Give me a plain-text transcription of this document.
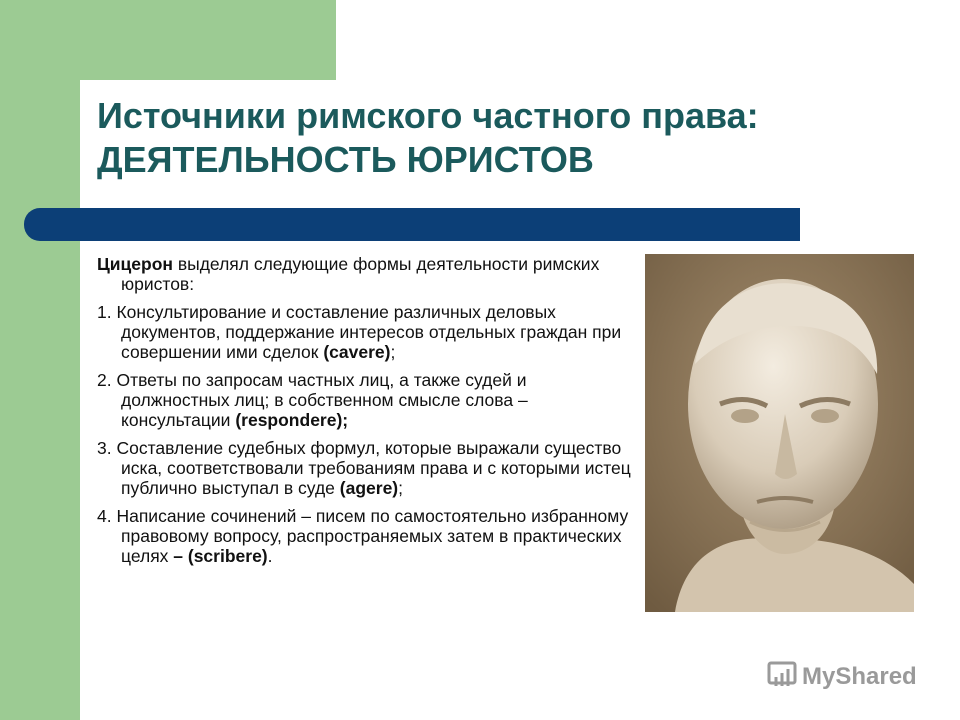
Источники римского частного права:
ДЕЯТЕЛЬНОСТЬ ЮРИСТОВ

Цицерон выделял следующие формы деятельности римских юристов:

1. Консультирование и составление различных деловых документов, поддержание интересов отдельных граждан при совершении ими сделок (cavere);

2. Ответы по запросам частных лиц, а также судей и должностных лиц; в собственном смысле слова – консультации (respondere);

3. Составление судебных формул, которые выражали существо иска, соответствовали требованиям права и с которыми истец публично выступал в суде (agere);

4. Написание сочинений – писем по самостоятельно избранному правовому вопросу, распространяемых затем в практических целях – (scribere).

MyShared
